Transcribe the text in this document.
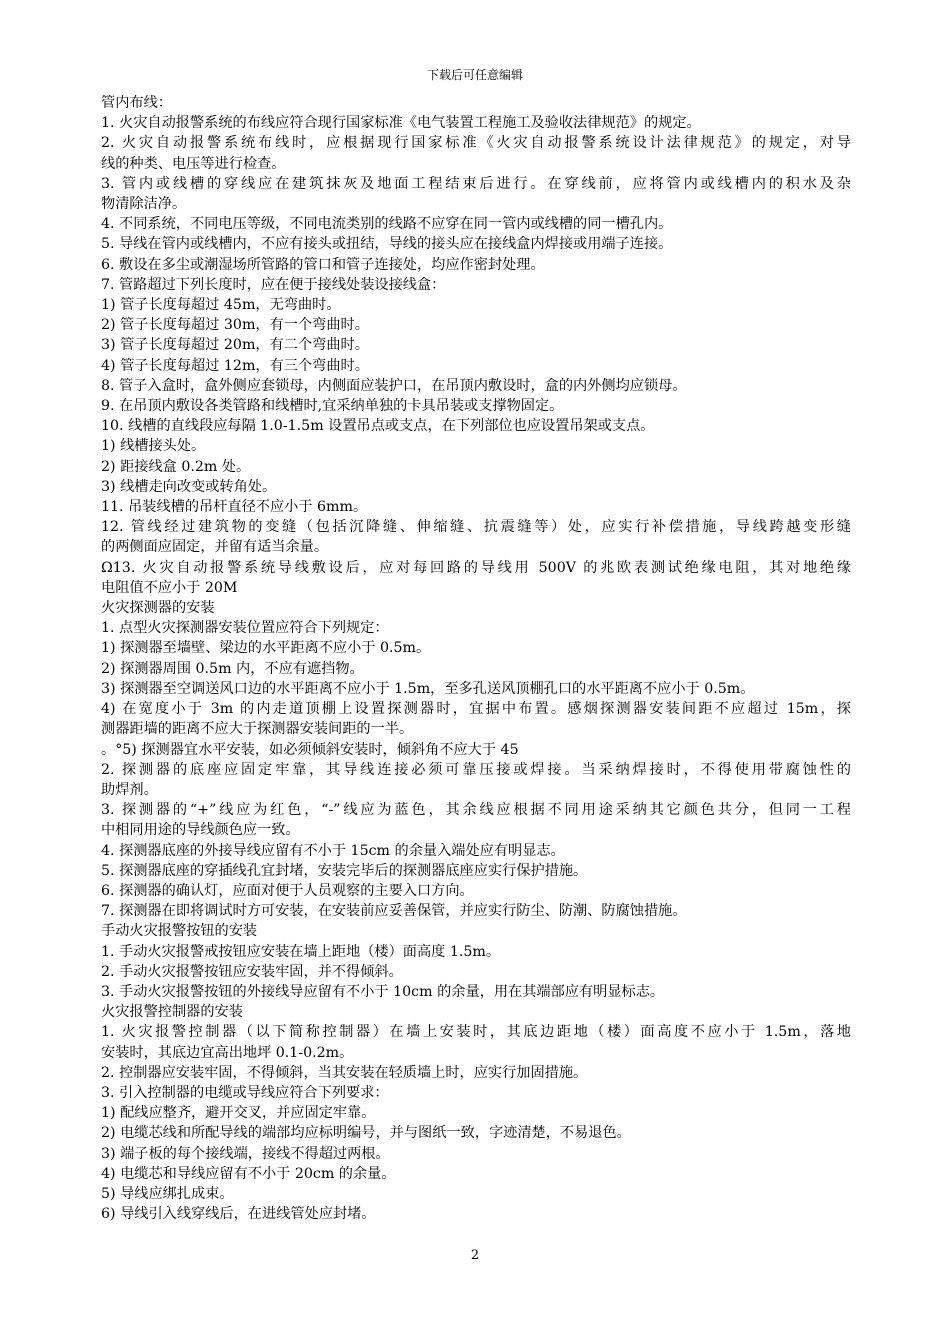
下载后可任意编辑

管内布线：

1. 火灾自动报警系统的布线应符合现行国家标准《电气装置工程施工及验收法律规范》的规定。

2. 火灾自动报警系统布线时，应根据现行国家标准《火灾自动报警系统设计法律规范》的规定，对导

线的种类、电压等进行检查。

3. 管内或线槽的穿线应在建筑抹灰及地面工程结束后进行。在穿线前，应将管内或线槽内的积水及杂

物清除洁净。

4. 不同系统，不同电压等级，不同电流类别的线路不应穿在同一管内或线槽的同一槽孔内。

5. 导线在管内或线槽内，不应有接头或扭结，导线的接头应在接线盒内焊接或用端子连接。

6. 敷设在多尘或潮湿场所管路的管口和管子连接处，均应作密封处理。

7. 管路超过下列长度时，应在便于接线处装设接线盒：

1) 管子长度每超过 45m，无弯曲时。

2) 管子长度每超过 30m，有一个弯曲时。

3) 管子长度每超过 20m，有二个弯曲时。

4) 管子长度每超过 12m，有三个弯曲时。

8. 管子入盒时，盒外侧应套锁母，内侧面应装护口，在吊顶内敷设时，盒的内外侧均应锁母。

9. 在吊顶内敷设各类管路和线槽时,宜采纳单独的卡具吊装或支撑物固定。

10. 线槽的直线段应每隔 1.0-1.5m 设置吊点或支点，在下列部位也应设置吊架或支点。

1) 线槽接头处。

2) 距接线盒 0.2m 处。

3) 线槽走向改变或转角处。

11. 吊装线槽的吊杆直径不应小于 6mm。

12. 管线经过建筑物的变缝（包括沉降缝、伸缩缝、抗震缝等）处，应实行补偿措施，导线跨越变形缝

的两侧面应固定，并留有适当余量。

Ω13. 火灾自动报警系统导线敷设后，应对每回路的导线用 500V 的兆欧表测试绝缘电阻，其对地绝缘

电阻值不应小于 20M

火灾探测器的安装

1. 点型火灾探测器安装位置应符合下列规定：

1) 探测器至墙壁、梁边的水平距离不应小于 0.5m。

2) 探测器周围 0.5m 内，不应有遮挡物。

3) 探测器至空调送风口边的水平距离不应小于 1.5m，至多孔送风顶棚孔口的水平距离不应小于 0.5m。

4) 在宽度小于 3m 的内走道顶棚上设置探测器时，宜据中布置。感烟探测器安装间距不应超过 15m，探

测器距墙的距离不应大于探测器安装间距的一半。

。°5) 探测器宜水平安装，如必须倾斜安装时，倾斜角不应大于 45

2. 探测器的底座应固定牢靠，其导线连接必须可靠压接或焊接。当采纳焊接时，不得使用带腐蚀性的

助焊剂。

3. 探测器的“+”线应为红色，“-”线应为蓝色，其余线应根据不同用途采纳其它颜色共分，但同一工程

中相同用途的导线颜色应一致。

4. 探测器底座的外接导线应留有不小于 15cm 的余量入端处应有明显志。

5. 探测器底座的穿插线孔宜封堵，安装完毕后的探测器底座应实行保护措施。

6. 探测器的确认灯，应面对便于人员观察的主要入口方向。

7. 探测器在即将调试时方可安装，在安装前应妥善保管，并应实行防尘、防潮、防腐蚀措施。

手动火灾报警按钮的安装

1. 手动火灾报警戒按钮应安装在墙上距地（楼）面高度 1.5m。

2. 手动火灾报警按钮应安装牢固，并不得倾斜。

3. 手动火灾报警按钮的外接线导应留有不小于 10cm 的余量，用在其端部应有明显标志。

火灾报警控制器的安装

1. 火灾报警控制器（以下简称控制器）在墙上安装时，其底边距地（楼）面高度不应小于 1.5m，落地

安装时，其底边宜高出地坪 0.1-0.2m。

2. 控制器应安装牢固，不得倾斜，当其安装在轻质墙上时，应实行加固措施。

3. 引入控制器的电缆或导线应符合下列要求：

1) 配线应整齐，避开交叉，并应固定牢靠。

2) 电缆芯线和所配导线的端部均应标明编号，并与图纸一致，字迹清楚，不易退色。

3) 端子板的每个接线端，接线不得超过两根。

4) 电缆芯和导线应留有不小于 20cm 的余量。

5) 导线应绑扎成束。

6) 导线引入线穿线后，在进线管处应封堵。

2
